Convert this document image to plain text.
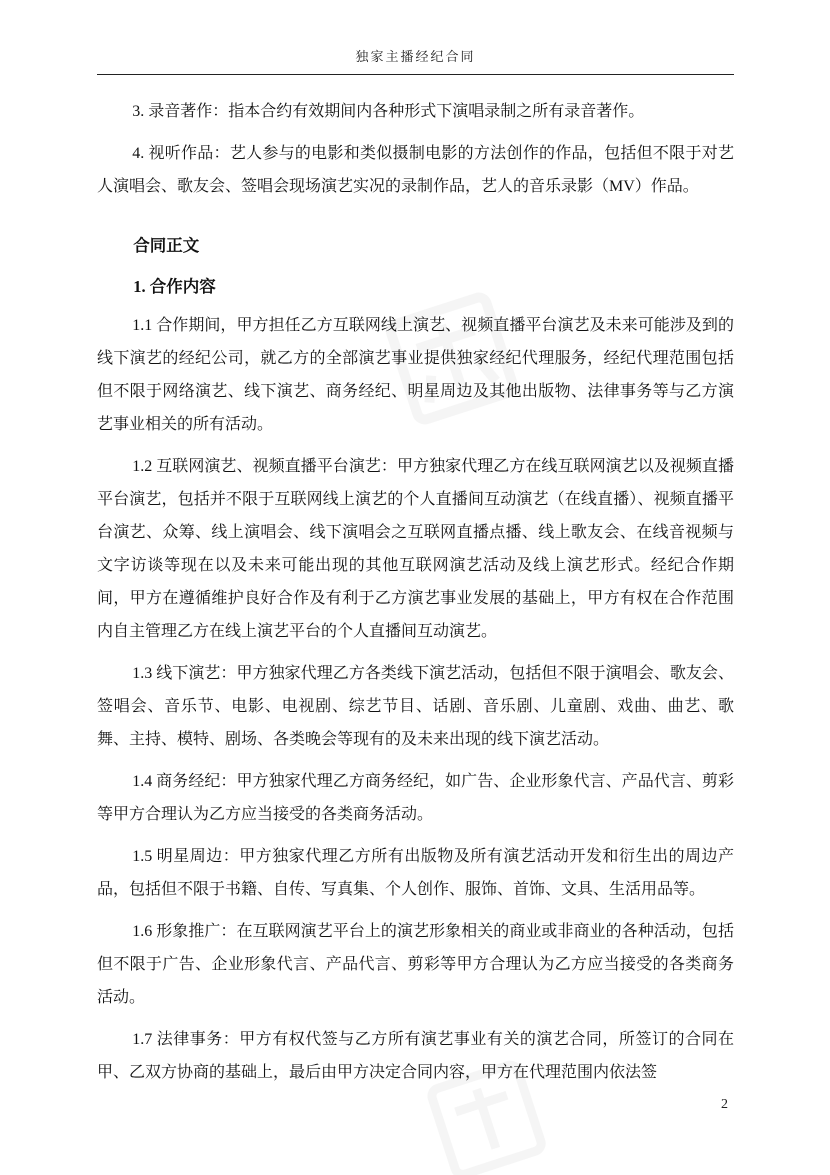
独家主播经纪合同

3. 录音著作：指本合约有效期间内各种形式下演唱录制之所有录音著作。

4. 视听作品：艺人参与的电影和类似摄制电影的方法创作的作品，包括但不限于对艺人演唱会、歌友会、签唱会现场演艺实况的录制作品，艺人的音乐录影（MV）作品。

合同正文

1. 合作内容

1.1 合作期间，甲方担任乙方互联网线上演艺、视频直播平台演艺及未来可能涉及到的线下演艺的经纪公司，就乙方的全部演艺事业提供独家经纪代理服务，经纪代理范围包括但不限于网络演艺、线下演艺、商务经纪、明星周边及其他出版物、法律事务等与乙方演艺事业相关的所有活动。

1.2 互联网演艺、视频直播平台演艺：甲方独家代理乙方在线互联网演艺以及视频直播平台演艺，包括并不限于互联网线上演艺的个人直播间互动演艺（在线直播）、视频直播平台演艺、众筹、线上演唱会、线下演唱会之互联网直播点播、线上歌友会、在线音视频与文字访谈等现在以及未来可能出现的其他互联网演艺活动及线上演艺形式。经纪合作期间，甲方在遵循维护良好合作及有利于乙方演艺事业发展的基础上，甲方有权在合作范围内自主管理乙方在线上演艺平台的个人直播间互动演艺。

1.3 线下演艺：甲方独家代理乙方各类线下演艺活动，包括但不限于演唱会、歌友会、签唱会、音乐节、电影、电视剧、综艺节目、话剧、音乐剧、儿童剧、戏曲、曲艺、歌舞、主持、模特、剧场、各类晚会等现有的及未来出现的线下演艺活动。

1.4 商务经纪：甲方独家代理乙方商务经纪，如广告、企业形象代言、产品代言、剪彩等甲方合理认为乙方应当接受的各类商务活动。

1.5 明星周边：甲方独家代理乙方所有出版物及所有演艺活动开发和衍生出的周边产品，包括但不限于书籍、自传、写真集、个人创作、服饰、首饰、文具、生活用品等。

1.6 形象推广：在互联网演艺平台上的演艺形象相关的商业或非商业的各种活动，包括但不限于广告、企业形象代言、产品代言、剪彩等甲方合理认为乙方应当接受的各类商务活动。

1.7 法律事务：甲方有权代签与乙方所有演艺事业有关的演艺合同，所签订的合同在甲、乙双方协商的基础上，最后由甲方决定合同内容，甲方在代理范围内依法签

2
